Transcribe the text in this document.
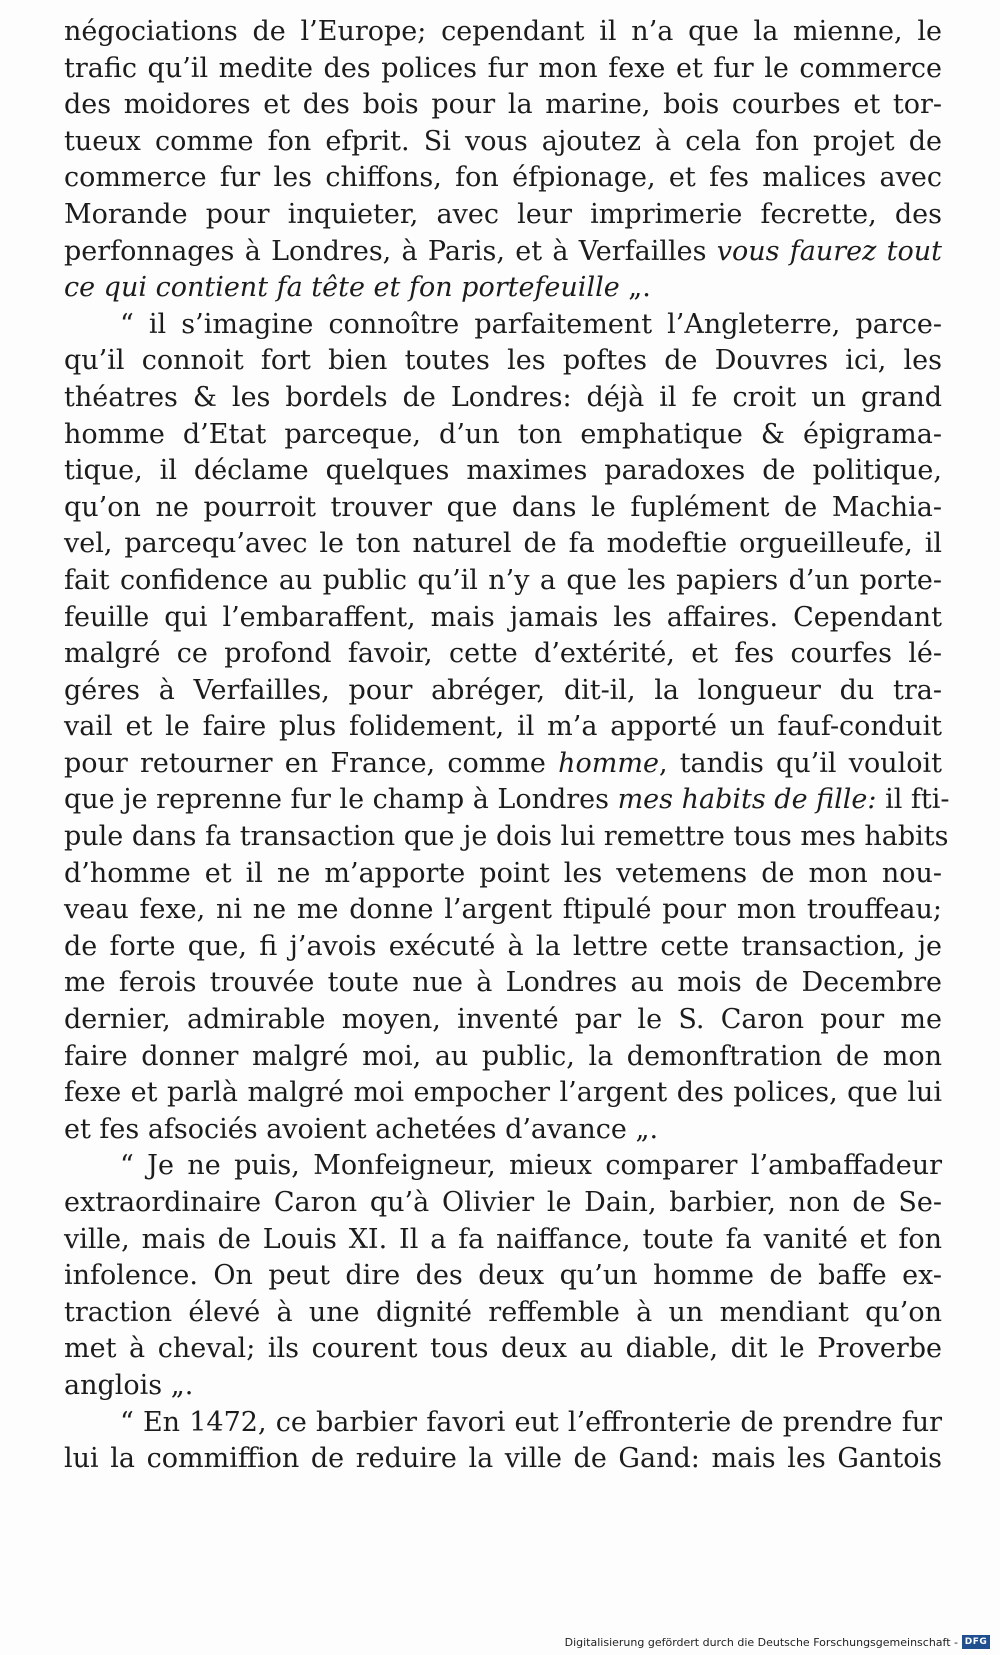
négociations de l’Europe; cependant il n’a que la mienne, le
trafic qu’il medite des polices fur mon fexe et fur le commerce
des moidores et des bois pour la marine, bois courbes et tor-
tueux comme fon efprit. Si vous ajoutez à cela fon projet de
commerce fur les chiffons, fon éfpionage, et fes malices avec
Morande pour inquieter, avec leur imprimerie fecrette, des
perfonnages à Londres, à Paris, et à Verfailles vous faurez tout
ce qui contient fa tête et fon portefeuille „.

“ il s’imagine connoître parfaitement l’Angleterre, parce-
qu’il connoit fort bien toutes les poftes de Douvres ici, les
théatres & les bordels de Londres: déjà il fe croit un grand
homme d’Etat parceque, d’un ton emphatique & épigrama-
tique, il déclame quelques maximes paradoxes de politique,
qu’on ne pourroit trouver que dans le fuplément de Machia-
vel, parcequ’avec le ton naturel de fa modeftie orgueilleufe, il
fait confidence au public qu’il n’y a que les papiers d’un porte-
feuille qui l’embaraffent, mais jamais les affaires. Cependant
malgré ce profond favoir, cette d’extérité, et fes courfes lé-
géres à Verfailles, pour abréger, dit-il, la longueur du tra-
vail et le faire plus folidement, il m’a apporté un fauf-conduit
pour retourner en France, comme homme, tandis qu’il vouloit
que je reprenne fur le champ à Londres mes habits de fille: il fti-
pule dans fa transaction que je dois lui remettre tous mes habits
d’homme et il ne m’apporte point les vetemens de mon nou-
veau fexe, ni ne me donne l’argent ftipulé pour mon trouffeau;
de forte que, fi j’avois exécuté à la lettre cette transaction, je
me ferois trouvée toute nue à Londres au mois de Decembre
dernier, admirable moyen, inventé par le S. Caron pour me
faire donner malgré moi, au public, la demonftration de mon
fexe et parlà malgré moi empocher l’argent des polices, que lui
et fes afsociés avoient achetées d’avance „.

“ Je ne puis, Monfeigneur, mieux comparer l’ambaffadeur
extraordinaire Caron qu’à Olivier le Dain, barbier, non de Se-
ville, mais de Louis XI. Il a fa naiffance, toute fa vanité et fon
infolence. On peut dire des deux qu’un homme de baffe ex-
traction élevé à une dignité reffemble à un mendiant qu’on
met à cheval; ils courent tous deux au diable, dit le Proverbe
anglois „.

“ En 1472, ce barbier favori eut l’effronterie de prendre fur
lui la commiffion de reduire la ville de Gand: mais les Gantois

Digitalisierung gefördert durch die Deutsche Forschungsgemeinschaft - DFG
